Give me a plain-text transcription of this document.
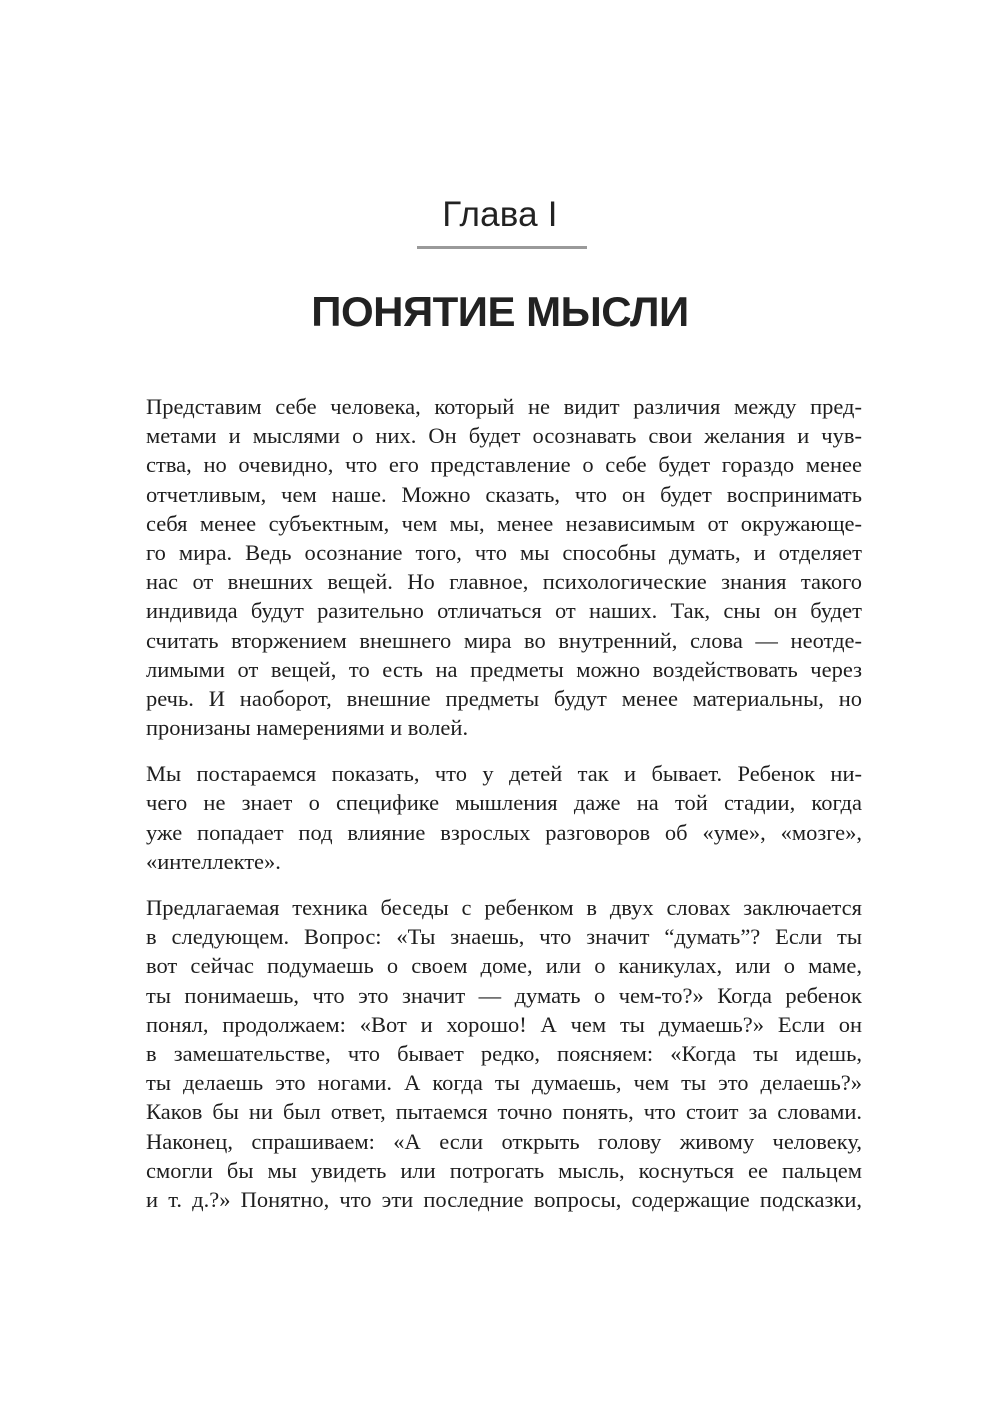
Глава I
ПОНЯТИЕ МЫСЛИ
Представим себе человека, который не видит различия между пред-
метами и мыслями о них. Он будет осознавать свои желания и чув-
ства, но очевидно, что его представление о себе будет гораздо менее
отчетливым, чем наше. Можно сказать, что он будет воспринимать
себя менее субъектным, чем мы, менее независимым от окружающе-
го мира. Ведь осознание того, что мы способны думать, и отделяет
нас от внешних вещей. Но главное, психологические знания такого
индивида будут разительно отличаться от наших. Так, сны он будет
считать вторжением внешнего мира во внутренний, слова — неотде-
лимыми от вещей, то есть на предметы можно воздействовать через
речь. И наоборот, внешние предметы будут менее материальны, но
пронизаны намерениями и волей.
Мы постараемся показать, что у детей так и бывает. Ребенок ни-
чего не знает о специфике мышления даже на той стадии, когда
уже попадает под влияние взрослых разговоров об «уме», «мозге»,
«интеллекте».
Предлагаемая техника беседы с ребенком в двух словах заключается
в следующем. Вопрос: «Ты знаешь, что значит “думать”? Если ты
вот сейчас подумаешь о своем доме, или о каникулах, или о маме,
ты понимаешь, что это значит — думать о чем-то?» Когда ребенок
понял, продолжаем: «Вот и хорошо! А чем ты думаешь?» Если он
в замешательстве, что бывает редко, поясняем: «Когда ты идешь,
ты делаешь это ногами. А когда ты думаешь, чем ты это делаешь?»
Каков бы ни был ответ, пытаемся точно понять, что стоит за словами.
Наконец, спрашиваем: «А если открыть голову живому человеку,
смогли бы мы увидеть или потрогать мысль, коснуться ее пальцем
и т. д.?» Понятно, что эти последние вопросы, содержащие подсказки,
